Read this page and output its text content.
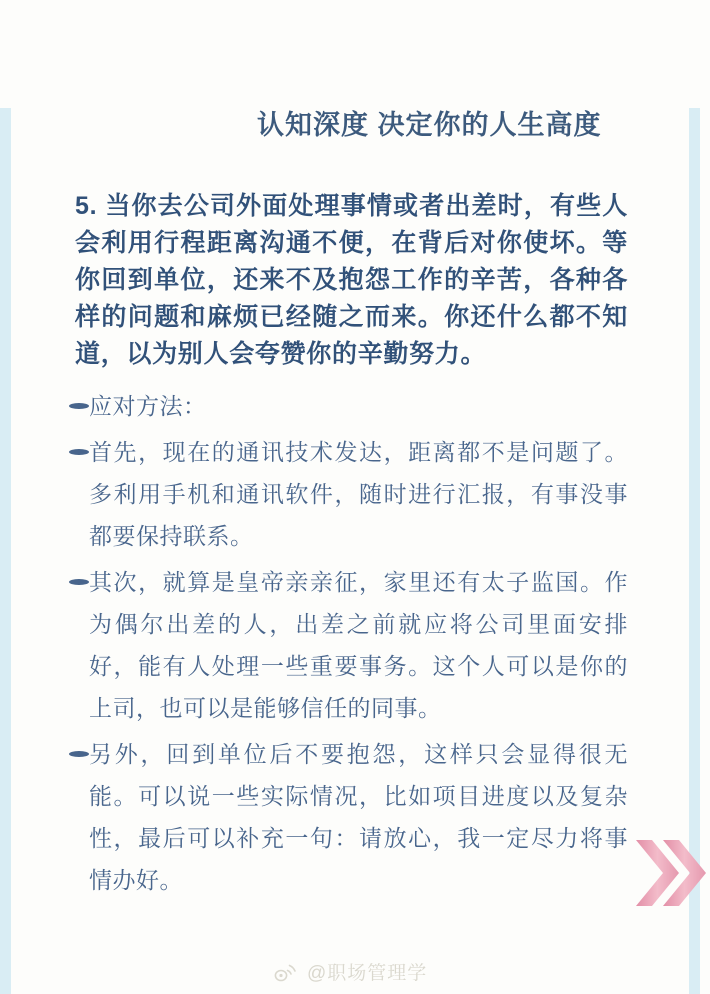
认知深度 决定你的人生高度

5. 当你去公司外面处理事情或者出差时，有些人会利用行程距离沟通不便，在背后对你使坏。等你回到单位，还来不及抱怨工作的辛苦，各种各样的问题和麻烦已经随之而来。你还什么都不知道，以为别人会夸赞你的辛勤努力。

应对方法：
首先，现在的通讯技术发达，距离都不是问题了。多利用手机和通讯软件，随时进行汇报，有事没事都要保持联系。
其次，就算是皇帝亲亲征，家里还有太子监国。作为偶尔出差的人，出差之前就应将公司里面安排好，能有人处理一些重要事务。这个人可以是你的上司，也可以是能够信任的同事。
另外，回到单位后不要抱怨，这样只会显得很无能。可以说一些实际情况，比如项目进度以及复杂性，最后可以补充一句：请放心，我一定尽力将事情办好。
@职场管理学
